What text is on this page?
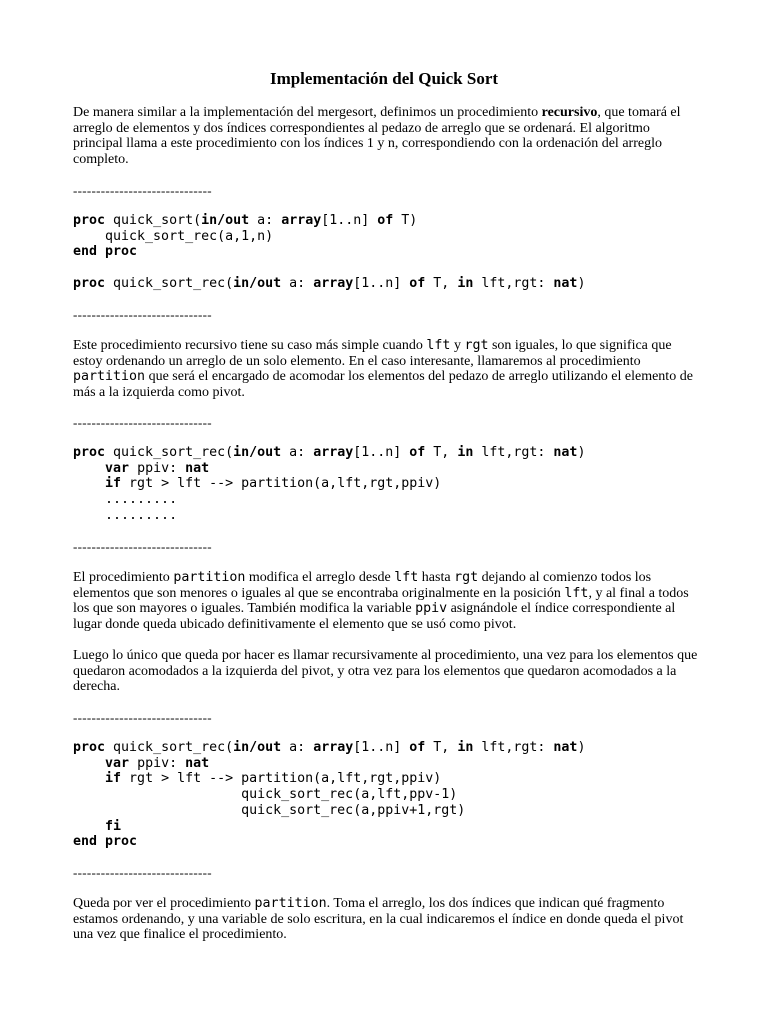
Implementación del Quick Sort
De manera similar a la implementación del mergesort, definimos un procedimiento recursivo, que tomará el arreglo de elementos y dos índices correspondientes al pedazo de arreglo que se ordenará. El algoritmo principal llama a este procedimiento con los índices 1 y n, correspondiendo con la ordenación del arreglo completo.
------------------------------
proc quick_sort(in/out a: array[1..n] of T)
quick_sort_rec(a,1,n)
end proc

proc quick_sort_rec(in/out a: array[1..n] of T, in lft,rgt: nat)
------------------------------
Este procedimiento recursivo tiene su caso más simple cuando lft y rgt son iguales, lo que significa que estoy ordenando un arreglo de un solo elemento. En el caso interesante, llamaremos al procedimiento partition que será el encargado de acomodar los elementos del pedazo de arreglo utilizando el elemento de más a la izquierda como pivot.
------------------------------
proc quick_sort_rec(in/out a: array[1..n] of T, in lft,rgt: nat)
var ppiv: nat
if rgt > lft --> partition(a,lft,rgt,ppiv)
.........
.........
------------------------------
El procedimiento partition modifica el arreglo desde lft hasta rgt dejando al comienzo todos los elementos que son menores o iguales al que se encontraba originalmente en la posición lft, y al final a todos los que son mayores o iguales. También modifica la variable ppiv asignándole el índice correspondiente al lugar donde queda ubicado definitivamente el elemento que se usó como pivot.
Luego lo único que queda por hacer es llamar recursivamente al procedimiento, una vez para los elementos que quedaron acomodados a la izquierda del pivot, y otra vez para los elementos que quedaron acomodados a la derecha.
------------------------------
proc quick_sort_rec(in/out a: array[1..n] of T, in lft,rgt: nat)
var ppiv: nat
if rgt > lft --> partition(a,lft,rgt,ppiv)
quick_sort_rec(a,lft,ppv-1)
quick_sort_rec(a,ppiv+1,rgt)
fi
end proc
------------------------------
Queda por ver el procedimiento partition. Toma el arreglo, los dos índices que indican qué fragmento estamos ordenando, y una variable de solo escritura, en la cual indicaremos el índice en donde queda el pivot una vez que finalice el procedimiento.
